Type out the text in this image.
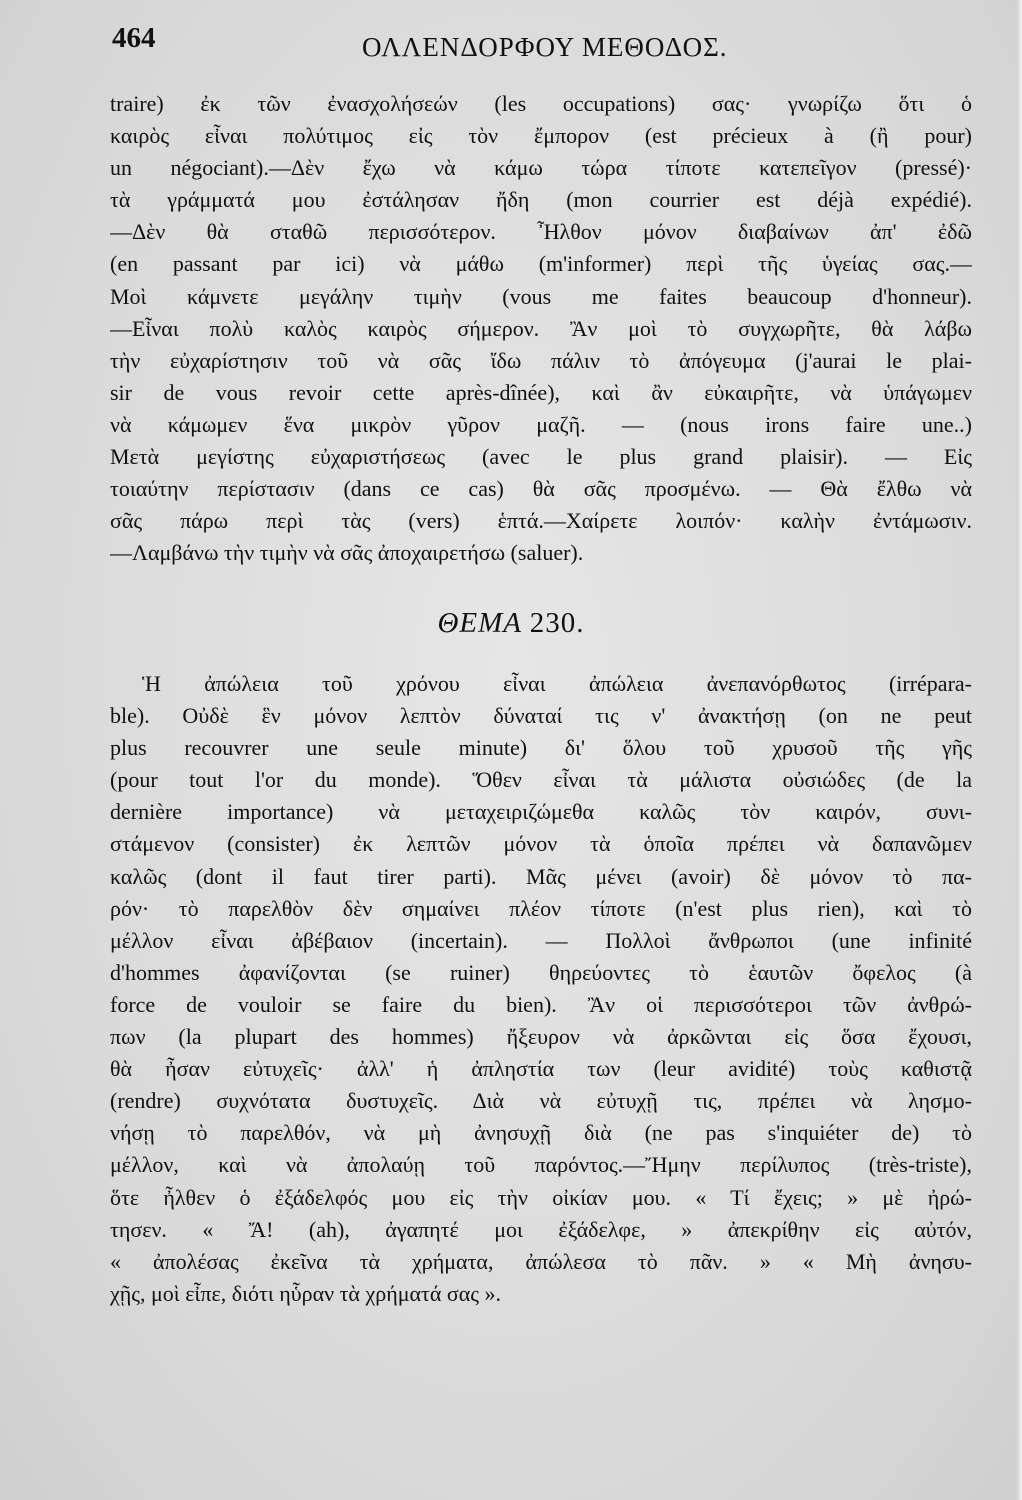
464	ΟΛΛΕΝΔΟΡΦΟΥ ΜΕΘΟΔΟΣ.
traire) ἐκ τῶν ἐνασχολήσεών (les occupations) σας· γνωρίζω ὅτι ὁ
καιρὸς εἶναι πολύτιμος εἰς τὸν ἔμπορον (est précieux à (ἢ pour)
un négociant).—Δὲν ἔχω νὰ κάμω τώρα τίποτε κατεπεῖγον (pressé)·
τὰ γράμματά μου ἐστάλησαν ἤδη (mon courrier est déjà expédié).
—Δὲν θὰ σταθῶ περισσότερον. Ἦλθον μόνον διαβαίνων ἀπ' ἐδῶ
(en passant par ici) νὰ μάθω (m'informer) περὶ τῆς ὑγείας σας.—
Μοὶ κάμνετε μεγάλην τιμὴν (vous me faites beaucoup d'honneur).
—Εἶναι πολὺ καλὸς καιρὸς σήμερον. Ἂν μοὶ τὸ συγχωρῆτε, θὰ λάβω
τὴν εὐχαρίστησιν τοῦ νὰ σᾶς ἴδω πάλιν τὸ ἀπόγευμα (j'aurai le plai-
sir de vous revoir cette après-dînée), καὶ ἂν εὐκαιρῆτε, νὰ ὑπάγωμεν
νὰ κάμωμεν ἕνα μικρὸν γῦρον μαζῆ. — (nous irons faire une..)
Μετὰ μεγίστης εὐχαριστήσεως (avec le plus grand plaisir). — Εἰς
τοιαύτην περίστασιν (dans ce cas) θὰ σᾶς προσμένω. — Θὰ ἔλθω νὰ
σᾶς πάρω περὶ τὰς (vers) ἑπτά.—Χαίρετε λοιπόν· καλὴν ἐντάμωσιν.
—Λαμβάνω τὴν τιμὴν νὰ σᾶς ἀποχαιρετήσω (saluer).
ΘΕΜΑ 230.
Ἡ ἀπώλεια τοῦ χρόνου εἶναι ἀπώλεια ἀνεπανόρθωτος (irrépara-
ble). Οὐδὲ ἓν μόνον λεπτὸν δύναταί τις ν' ἀνακτήσῃ (on ne peut
plus recouvrer une seule minute) δι' ὅλου τοῦ χρυσοῦ τῆς γῆς
(pour tout l'or du monde). Ὅθεν εἶναι τὰ μάλιστα οὐσιώδες (de la
dernière importance) νὰ μεταχειριζώμεθα καλῶς τὸν καιρόν, συνι-
στάμενον (consister) ἐκ λεπτῶν μόνον τὰ ὁποῖα πρέπει νὰ δαπανῶμεν
καλῶς (dont il faut tirer parti). Μᾶς μένει (avoir) δὲ μόνον τὸ πα-
ρόν· τὸ παρελθὸν δὲν σημαίνει πλέον τίποτε (n'est plus rien), καὶ τὸ
μέλλον εἶναι ἀβέβαιον (incertain). — Πολλοὶ ἄνθρωποι (une infinité
d'hommes ἀφανίζονται (se ruiner) θηρεύοντες τὸ ἑαυτῶν ὄφελος (à
force de vouloir se faire du bien). Ἂν οἱ περισσότεροι τῶν ἀνθρώ-
πων (la plupart des hommes) ἤξευρον νὰ ἀρκῶνται εἰς ὅσα ἔχουσι,
θὰ ἦσαν εὐτυχεῖς· ἀλλ' ἡ ἀπληστία των (leur avidité) τοὺς καθιστᾷ
(rendre) συχνότατα δυστυχεῖς. Διὰ νὰ εὐτυχῇ τις, πρέπει νὰ λησμο-
νήσῃ τὸ παρελθόν, νὰ μὴ ἀνησυχῇ διὰ (ne pas s'inquiéter de) τὸ
μέλλον, καὶ νὰ ἀπολαύῃ τοῦ παρόντος.—Ἤμην περίλυπος (très-triste),
ὅτε ἦλθεν ὁ ἐξάδελφός μου εἰς τὴν οἰκίαν μου. « Τί ἔχεις; » μὲ ἠρώ-
τησεν. « Ἄ! (ah), ἀγαπητέ μοι ἐξάδελφε, » ἀπεκρίθην εἰς αὐτόν,
« ἀπολέσας ἐκεῖνα τὰ χρήματα, ἀπώλεσα τὸ πᾶν. » « Μὴ ἀνησυ-
χῇς, μοὶ εἶπε, διότι ηὗραν τὰ χρήματά σας ».
